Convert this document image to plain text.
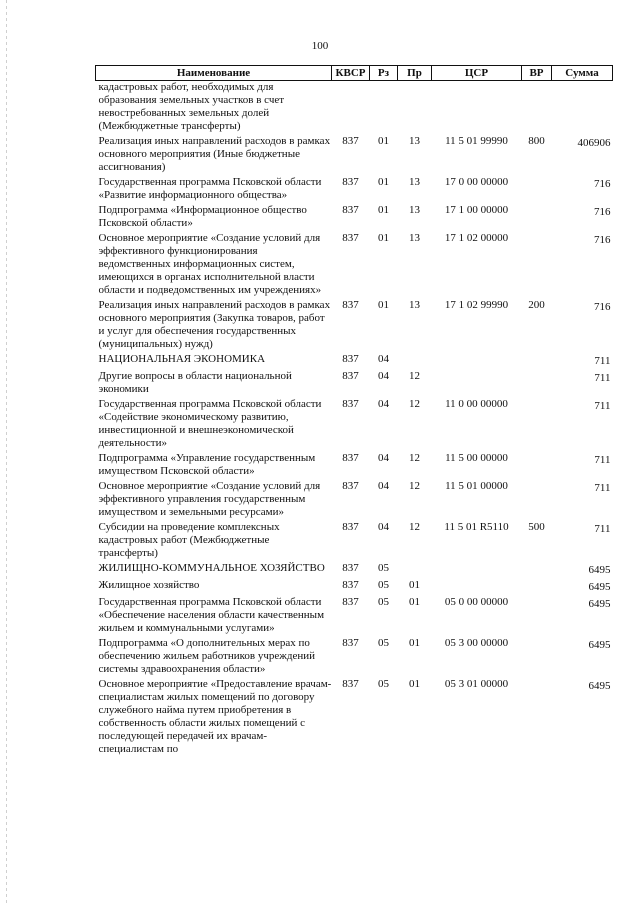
100
Наименование	КВСР	Рз	Пр	ЦСР	ВР	Сумма
кадастровых работ, необходимых для образования земельных участков в счет невостребованных земельных долей (Межбюджетные трансферты)						
Реализация иных направлений расходов в рамках основного мероприятия (Иные бюджетные ассигнования)	837	01	13	11 5 01 99990	800	406906
Государственная программа Псковской области «Развитие информационного общества»	837	01	13	17 0 00 00000		716
Подпрограмма «Информационное общество Псковской области»	837	01	13	17 1 00 00000		716
Основное мероприятие «Создание условий для эффективного функционирования ведомственных информационных систем, имеющихся в органах исполнительной власти области и подведомственных им учреждениях»	837	01	13	17 1 02 00000		716
Реализация иных направлений расходов в рамках основного мероприятия (Закупка товаров, работ и услуг для обеспечения государственных (муниципальных) нужд)	837	01	13	17 1 02 99990	200	716
НАЦИОНАЛЬНАЯ ЭКОНОМИКА	837	04				711
Другие вопросы в области национальной экономики	837	04	12			711
Государственная программа Псковской области «Содействие экономическому развитию, инвестиционной и внешнеэкономической деятельности»	837	04	12	11 0 00 00000		711
Подпрограмма «Управление государственным имуществом Псковской области»	837	04	12	11 5 00 00000		711
Основное мероприятие «Создание условий для эффективного управления государственным имуществом и земельными ресурсами»	837	04	12	11 5 01 00000		711
Субсидии на проведение комплексных кадастровых работ (Межбюджетные трансферты)	837	04	12	11 5 01 R5110	500	711
ЖИЛИЩНО-КОММУНАЛЬНОЕ ХОЗЯЙСТВО	837	05				6495
Жилищное хозяйство	837	05	01			6495
Государственная программа Псковской области «Обеспечение населения области качественным жильем и коммунальными услугами»	837	05	01	05 0 00 00000		6495
Подпрограмма «О дополнительных мерах по обеспечению жильем работников учреждений системы здравоохранения области»	837	05	01	05 3 00 00000		6495
Основное мероприятие «Предоставление врачам-специалистам жилых помещений по договору служебного найма путем приобретения в собственность области жилых помещений с последующей передачей их врачам-специалистам по	837	05	01	05 3 01 00000		6495
